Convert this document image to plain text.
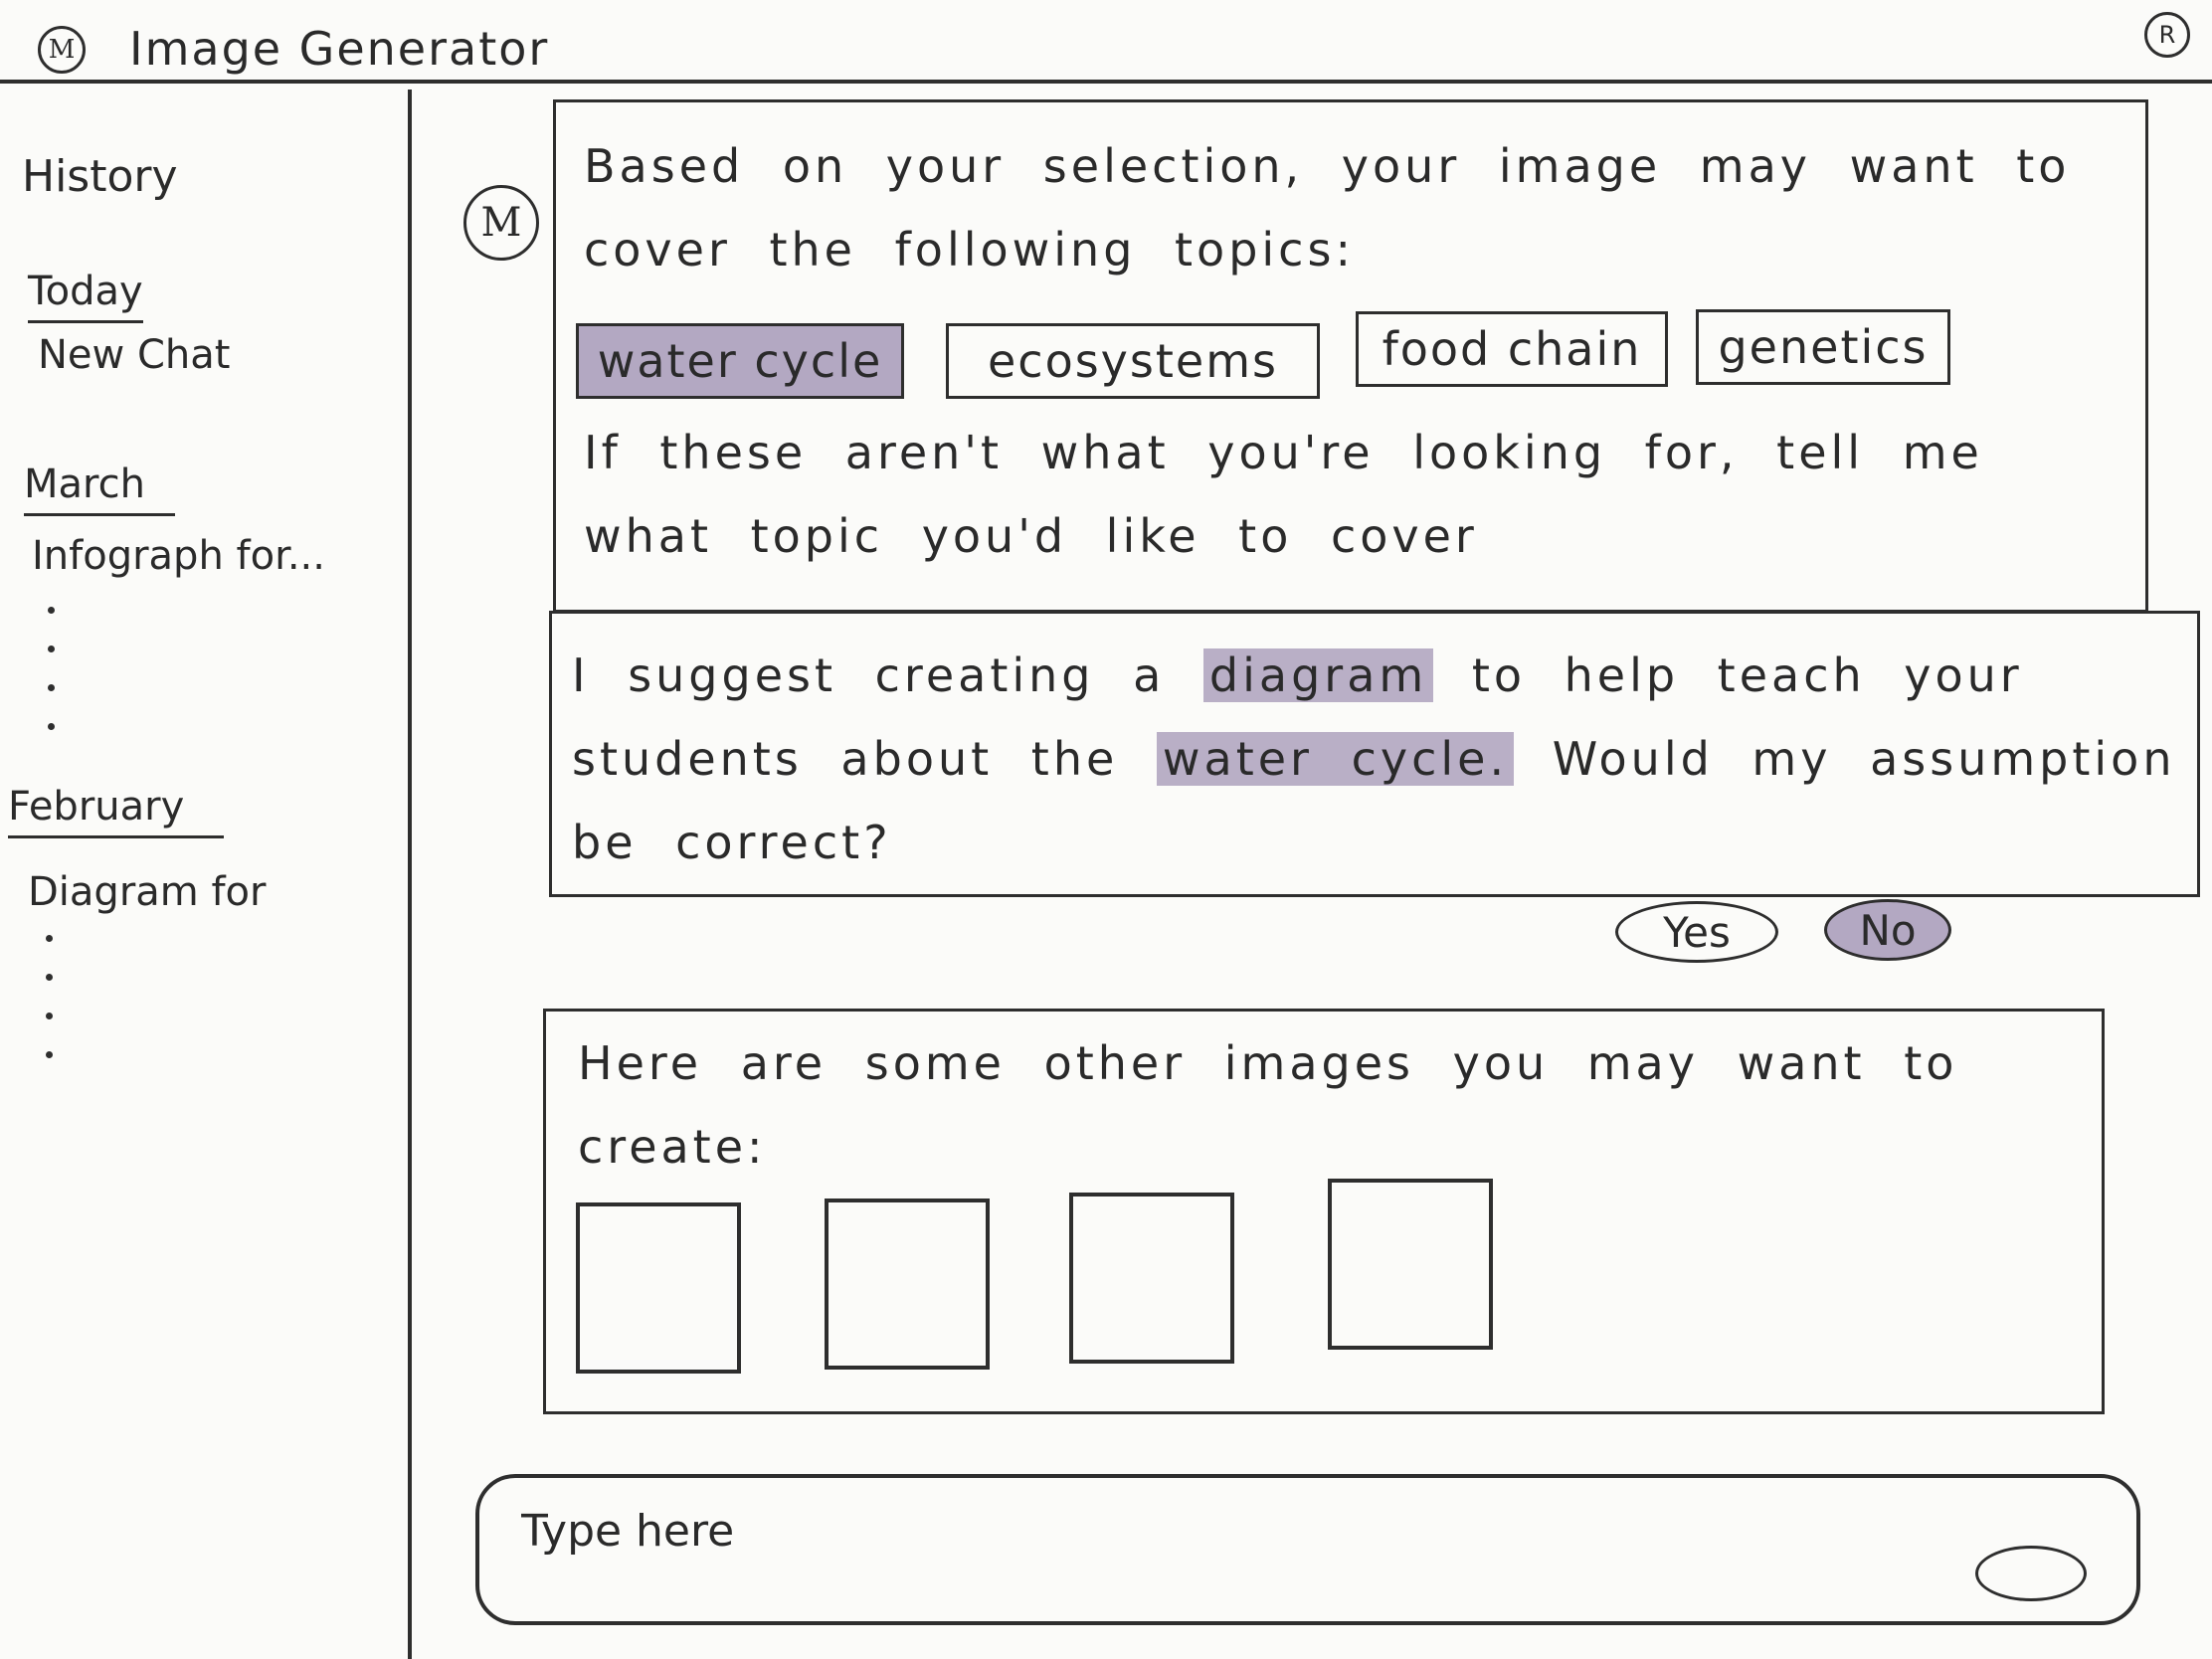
M Image Generator	R
History
Today
New Chat
March
Infograph for...
February
Diagram for
M
Based on your selection, your image may want to cover the following topics:
water cycle	ecosystems	food chain	genetics
If these aren't what you're looking for, tell me what topic you'd like to cover
I suggest creating a diagram to help teach your students about the water cycle. Would my assumption be correct?
Yes	No
Here are some other images you may want to create:
Type here
